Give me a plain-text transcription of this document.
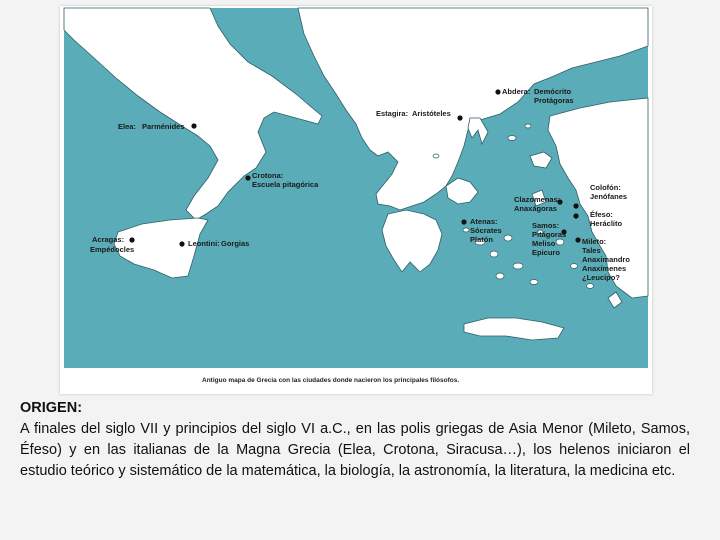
Abdera: Demócrito
Protágoras
Estagira: Aristóteles
Elea: Parménides
Crotona:
Escuela pitagórica
Acragas:
Empédocles
Leontini: Gorgias
Atenas:
Sócrates
Platón
Clazomenas:
Anaxágoras
Samos:
Pitágoras
Meliso
Epicuro
Colofón:
Jenófanes
Éfeso:
Heráclito
Mileto:
Tales
Anaximandro
Anaxímenes
¿Leucipo?
Antiguo mapa de Grecia con las ciudades donde nacieron los principales filósofos.
ORIGEN:
A finales del siglo VII y principios del siglo VI a.C., en las polis griegas de Asia Menor (Mileto, Samos, Éfeso) y en las italianas de la Magna Grecia (Elea, Crotona, Siracusa…), los helenos iniciaron el estudio teórico y sistemático de la matemática, la biología, la astronomía, la literatura, la medicina etc.
